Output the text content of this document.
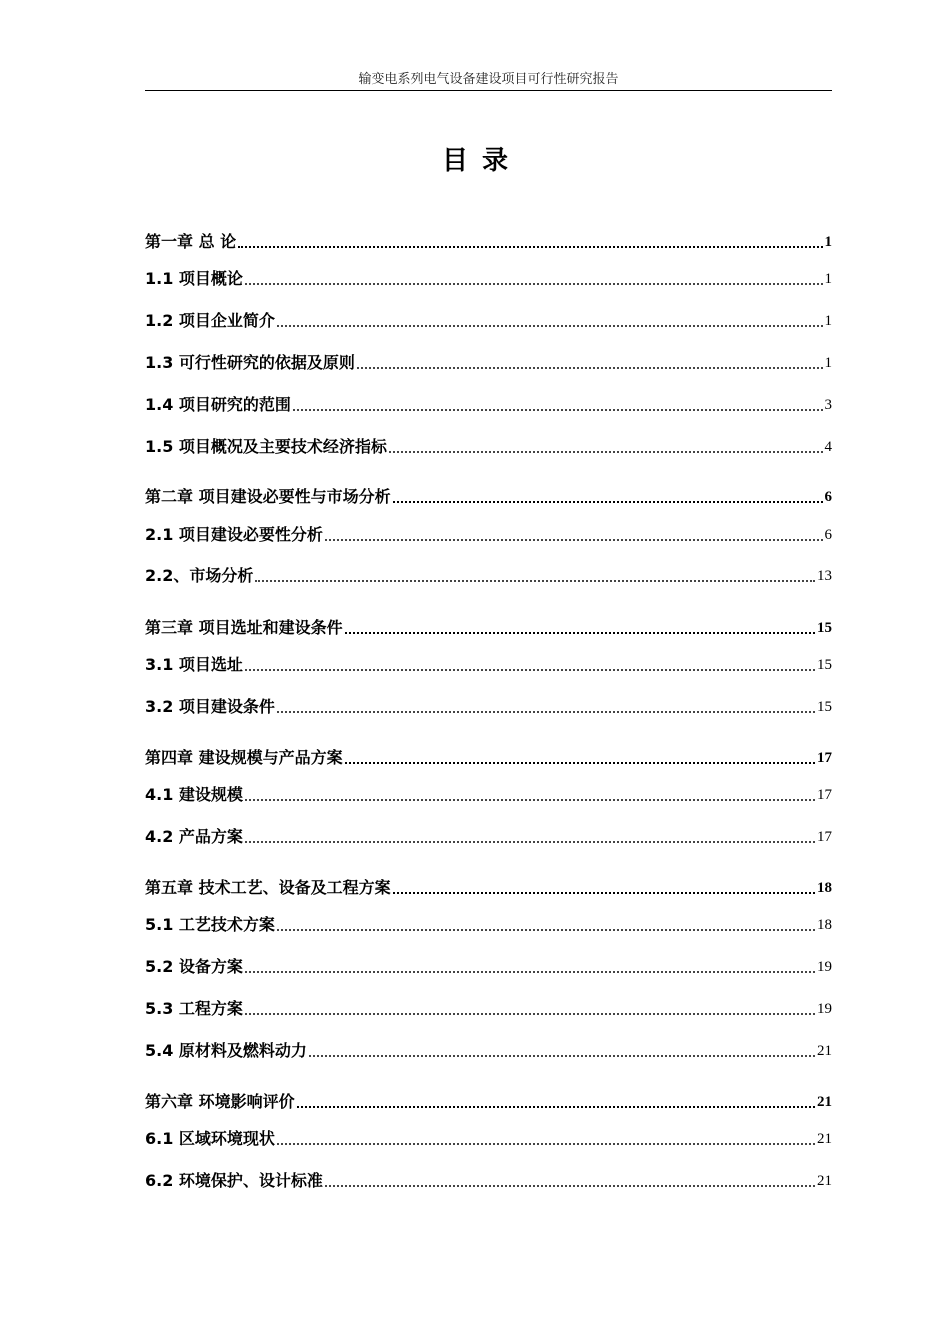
输变电系列电气设备建设项目可行性研究报告
目录
第一章 总 论	1
1.1 项目概论	1
1.2 项目企业简介	1
1.3 可行性研究的依据及原则	1
1.4 项目研究的范围	3
1.5 项目概况及主要技术经济指标	4
第二章 项目建设必要性与市场分析	6
2.1 项目建设必要性分析	6
2.2、市场分析	13
第三章 项目选址和建设条件	15
3.1 项目选址	15
3.2 项目建设条件	15
第四章 建设规模与产品方案	17
4.1 建设规模	17
4.2 产品方案	17
第五章 技术工艺、设备及工程方案	18
5.1 工艺技术方案	18
5.2 设备方案	19
5.3 工程方案	19
5.4 原材料及燃料动力	21
第六章 环境影响评价	21
6.1 区域环境现状	21
6.2 环境保护、设计标准	21
